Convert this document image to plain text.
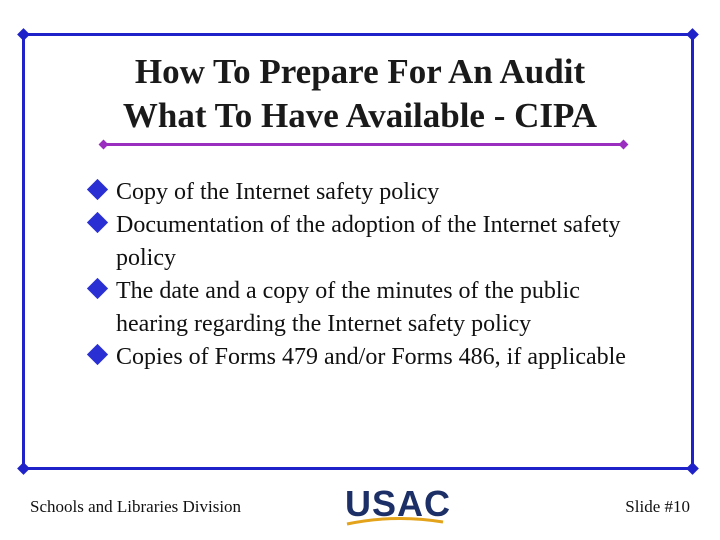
How To Prepare For An Audit
What To Have Available - CIPA
Copy of the Internet safety policy
Documentation of the adoption of the Internet safety policy
The date and a copy of the minutes of the public hearing regarding the Internet safety policy
Copies of Forms 479 and/or Forms 486, if applicable
Schools and Libraries Division	USAC	Slide #10
